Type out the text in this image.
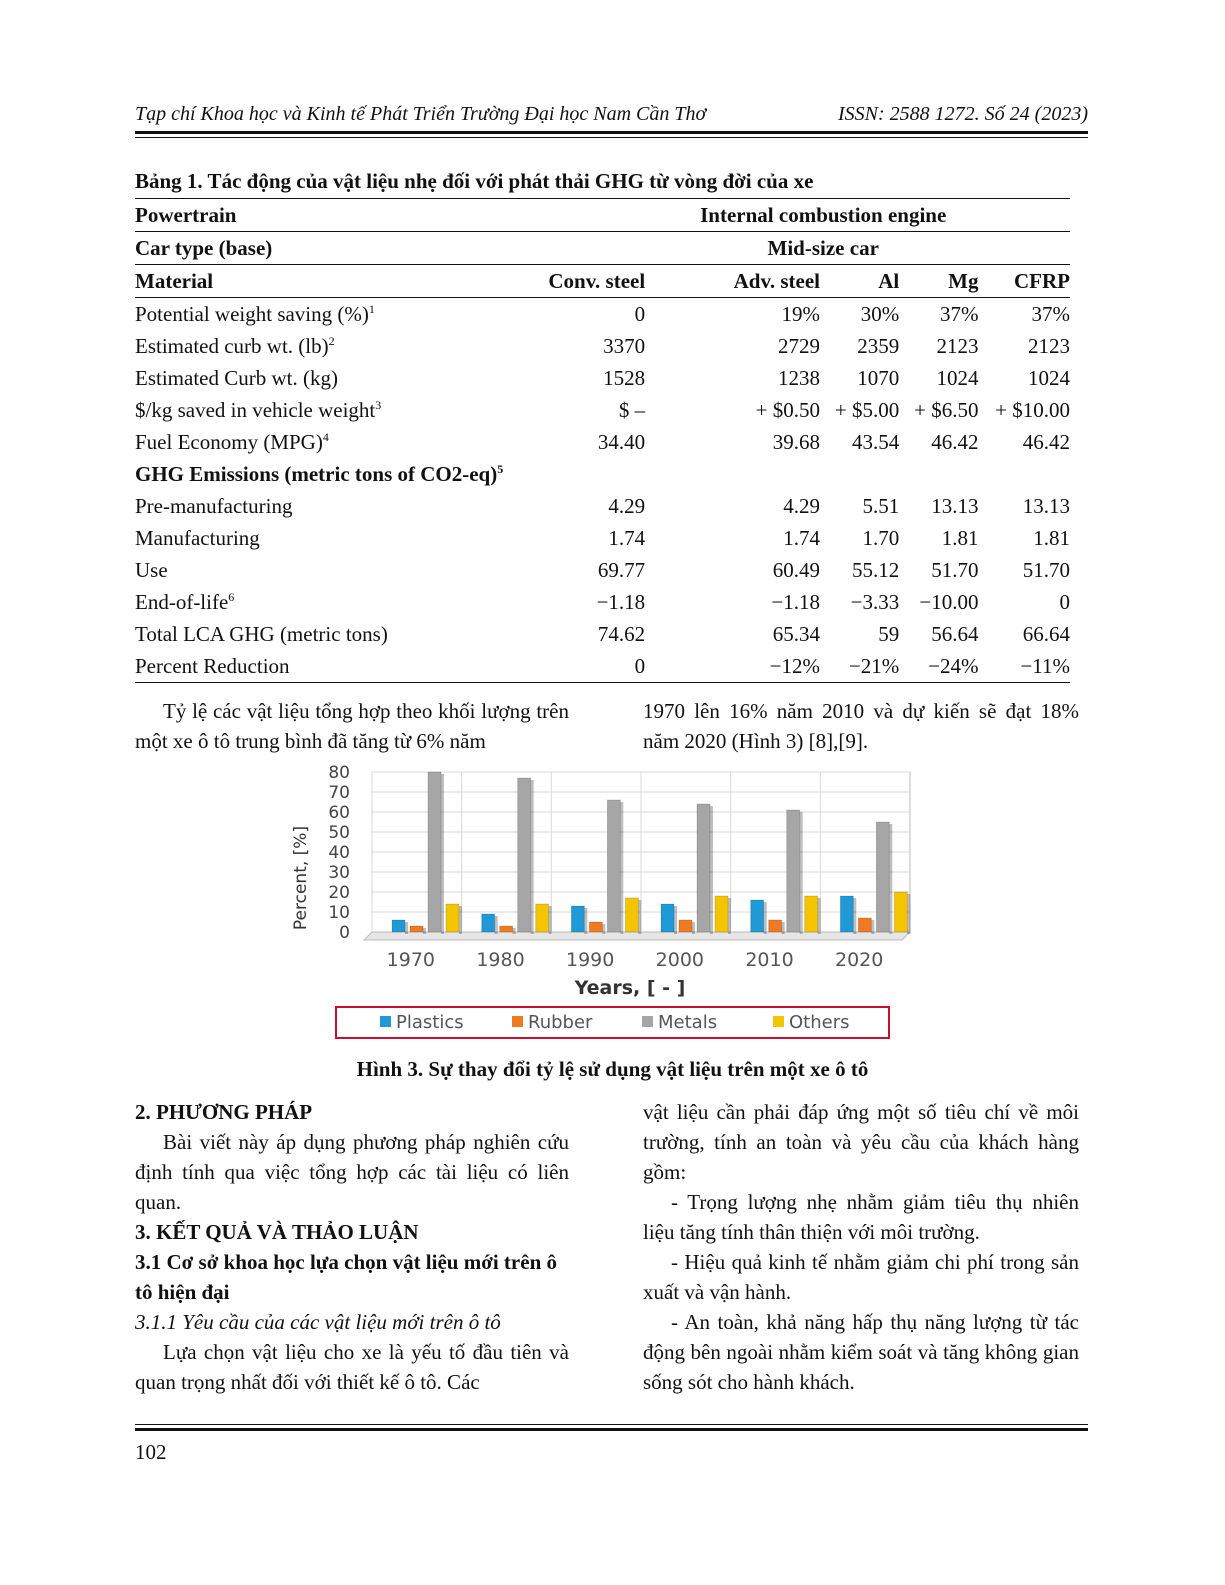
Tạp chí Khoa học và Kinh tế Phát Triển Trường Đại học Nam Cần Thơ	ISSN: 2588 1272. Số 24 (2023)
Bảng 1. Tác động của vật liệu nhẹ đối với phát thải GHG từ vòng đời của xe
Powertrain	Internal combustion engine				
Car type (base)	Mid-size car				
Material	Conv. steel	Adv. steel	Al	Mg	CFRP
Potential weight saving (%)$^1$	0	19%	30%	37%	37%
Estimated curb wt. (lb)$^2$	3370	2729	2359	2123	2123
Estimated Curb wt. (kg)	1528	1238	1070	1024	1024
$/kg saved in vehicle weight$^3$	$ –	+ $0.50	+ $5.00	+ $6.50	+ $10.00
Fuel Economy (MPG)$^4$	34.40	39.68	43.54	46.42	46.42
GHG Emissions (metric tons of CO2-eq)$^5$
Pre-manufacturing	4.29	4.29	5.51	13.13	13.13
Manufacturing	1.74	1.74	1.70	1.81	1.81
Use	69.77	60.49	55.12	51.70	51.70
End-of-life$^6$	−1.18	−1.18	−3.33	−10.00	0
Total LCA GHG (metric tons)	74.62	65.34	59	56.64	66.64
Percent Reduction	0	−12%	−21%	−24%	−11%
Tỷ lệ các vật liệu tổng hợp theo khối lượng trên một xe ô tô trung bình đã tăng từ 6% năm
1970 lên 16% năm 2010 và dự kiến sẽ đạt 18% năm 2020 (Hình 3) [8],[9].
0
10
20
30
40
50
60
70
80
1970 1980 1990 2000 2010 2020
Percent, [%]
Years, [ - ]
Plastics	Rubber	Metals	Others
Hình 3. Sự thay đổi tỷ lệ sử dụng vật liệu trên một xe ô tô
2. PHƯƠNG PHÁP
Bài viết này áp dụng phương pháp nghiên cứu định tính qua việc tổng hợp các tài liệu có liên quan.
3. KẾT QUẢ VÀ THẢO LUẬN
3.1 Cơ sở khoa học lựa chọn vật liệu mới trên ô tô hiện đại
3.1.1 Yêu cầu của các vật liệu mới trên ô tô
Lựa chọn vật liệu cho xe là yếu tố đầu tiên và quan trọng nhất đối với thiết kế ô tô. Các
vật liệu cần phải đáp ứng một số tiêu chí về môi trường, tính an toàn và yêu cầu của khách hàng gồm:
- Trọng lượng nhẹ nhằm giảm tiêu thụ nhiên liệu tăng tính thân thiện với môi trường.
- Hiệu quả kinh tế nhằm giảm chi phí trong sản xuất và vận hành.
- An toàn, khả năng hấp thụ năng lượng từ tác động bên ngoài nhằm kiểm soát và tăng không gian sống sót cho hành khách.
102
